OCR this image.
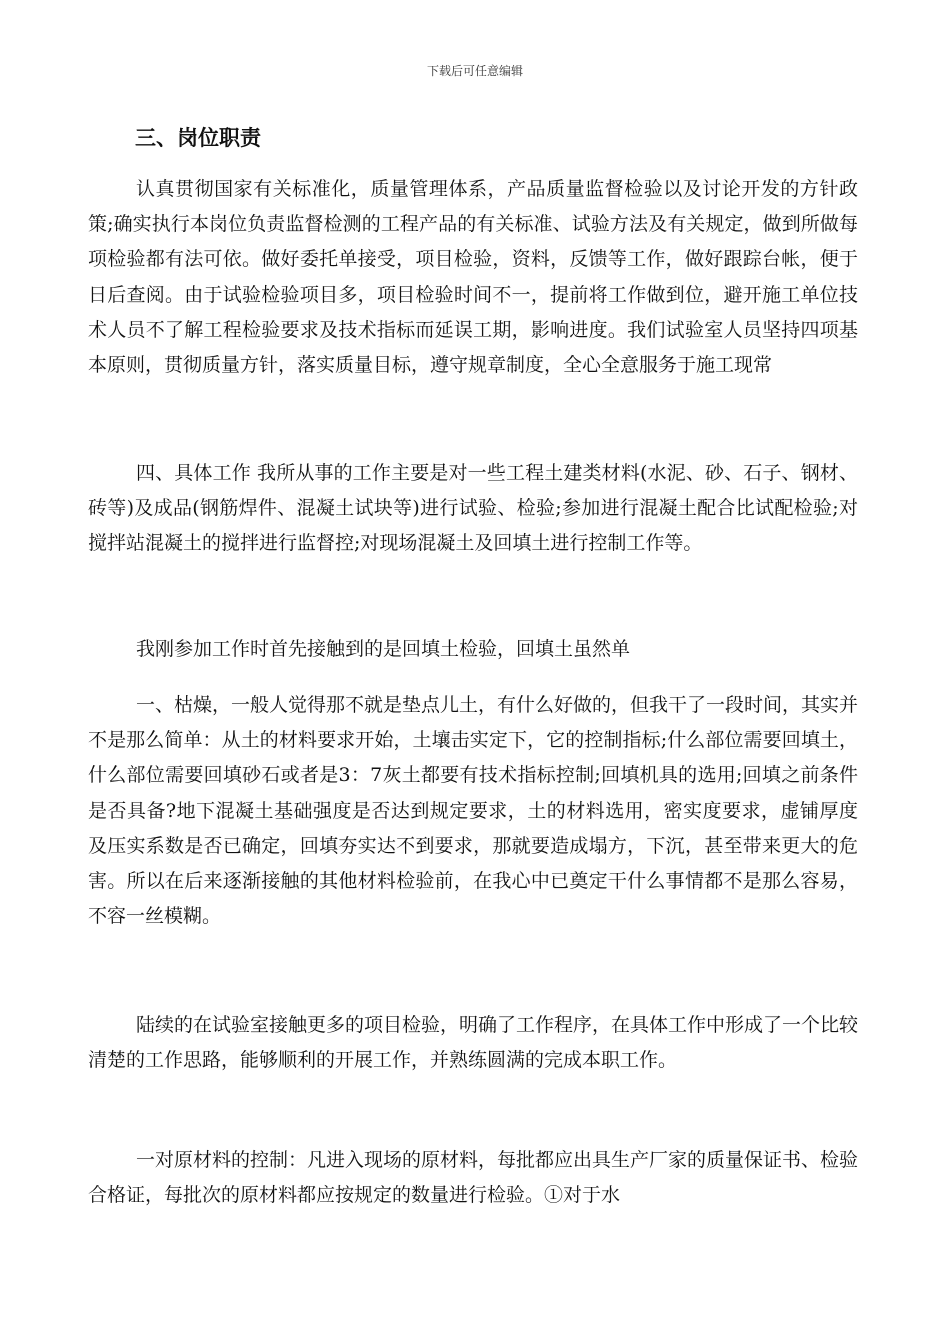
下载后可任意编辑
三、岗位职责

认真贯彻国家有关标准化，质量管理体系，产品质量监督检验以及讨论开发的方针政策;确实执行本岗位负责监督检测的工程产品的有关标准、试验方法及有关规定，做到所做每项检验都有法可依。做好委托单接受，项目检验，资料，反馈等工作，做好跟踪台帐，便于日后查阅。由于试验检验项目多，项目检验时间不一，提前将工作做到位，避开施工单位技术人员不了解工程检验要求及技术指标而延误工期，影响进度。我们试验室人员坚持四项基本原则，贯彻质量方针，落实质量目标，遵守规章制度，全心全意服务于施工现常

四、具体工作 我所从事的工作主要是对一些工程土建类材料(水泥、砂、石子、钢材、砖等)及成品(钢筋焊件、混凝土试块等)进行试验、检验;参加进行混凝土配合比试配检验;对搅拌站混凝土的搅拌进行监督控;对现场混凝土及回填土进行控制工作等。

我刚参加工作时首先接触到的是回填土检验，回填土虽然单

一、枯燥，一般人觉得那不就是垫点儿土，有什么好做的，但我干了一段时间，其实并不是那么简单：从土的材料要求开始，土壤击实定下，它的控制指标;什么部位需要回填土，什么部位需要回填砂石或者是3：7灰土都要有技术指标控制;回填机具的选用;回填之前条件是否具备?地下混凝土基础强度是否达到规定要求，土的材料选用，密实度要求，虚铺厚度及压实系数是否已确定，回填夯实达不到要求，那就要造成塌方，下沉，甚至带来更大的危害。所以在后来逐渐接触的其他材料检验前，在我心中已奠定干什么事情都不是那么容易，不容一丝模糊。

陆续的在试验室接触更多的项目检验，明确了工作程序，在具体工作中形成了一个比较清楚的工作思路，能够顺利的开展工作，并熟练圆满的完成本职工作。

一对原材料的控制：凡进入现场的原材料，每批都应出具生产厂家的质量保证书、检验合格证，每批次的原材料都应按规定的数量进行检验。①对于水
